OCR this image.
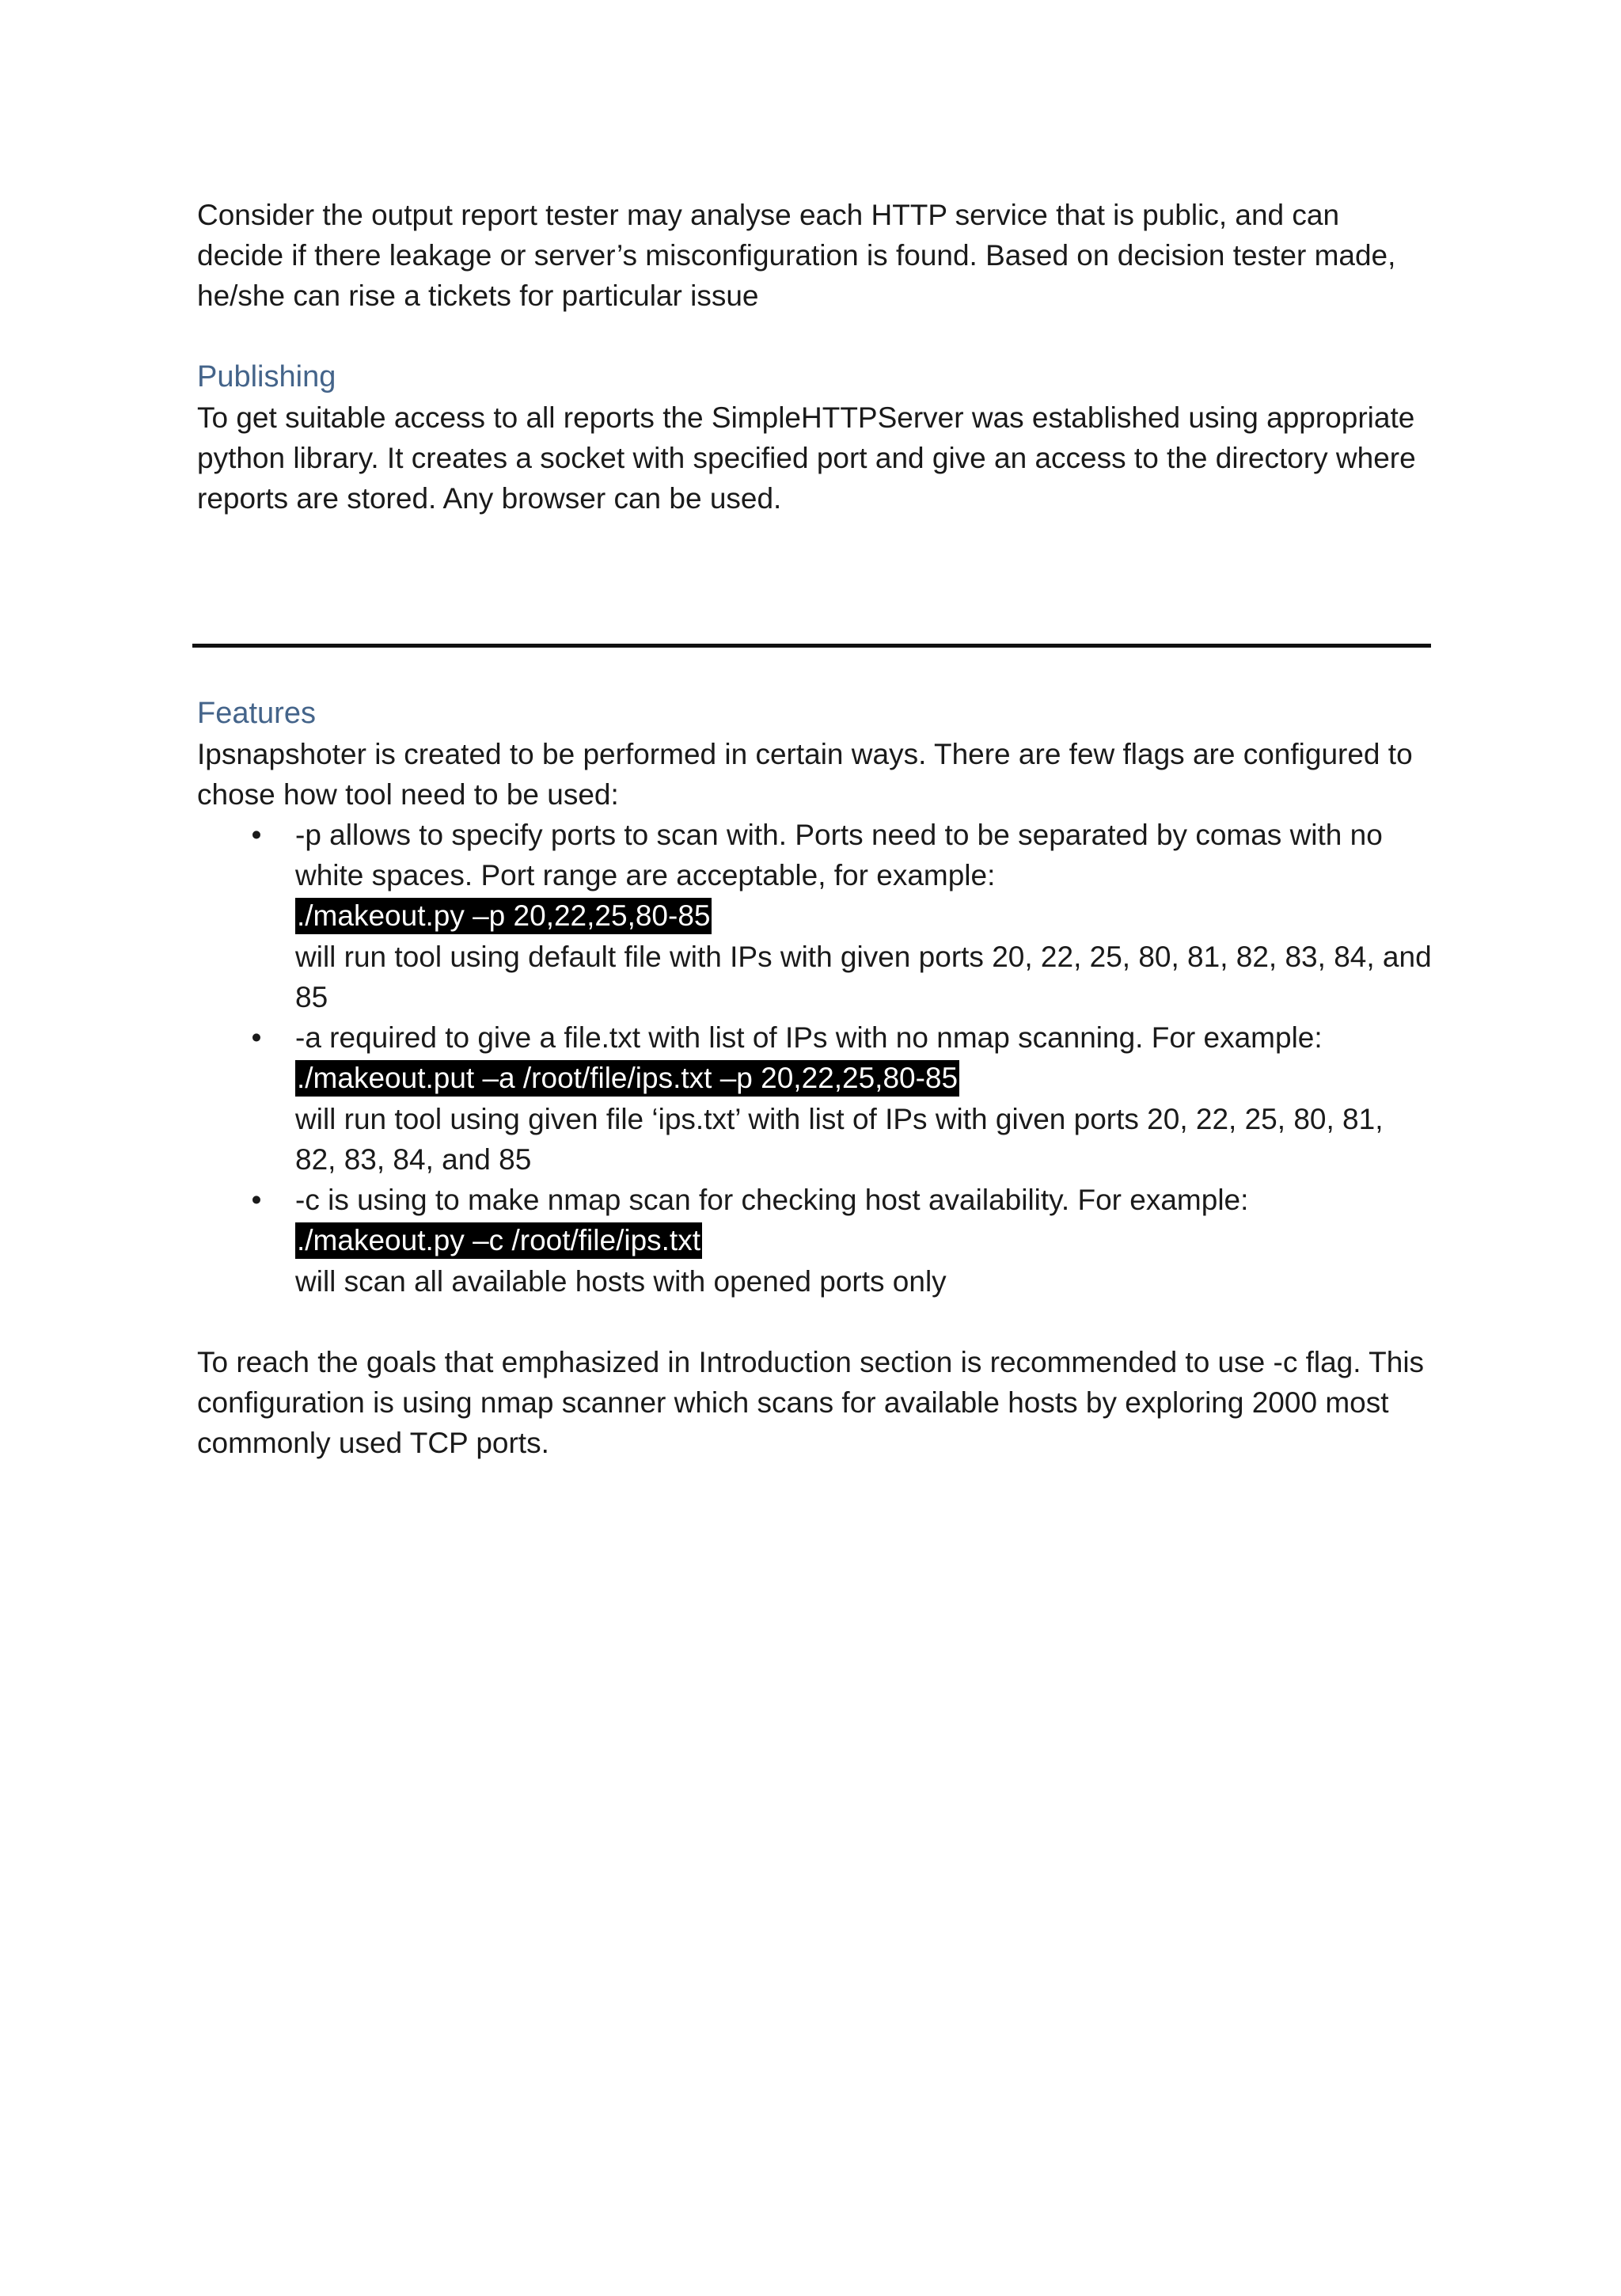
Consider the output report tester may analyse each HTTP service that is public, and can decide if there leakage or server’s misconfiguration is found. Based on decision tester made, he/she can rise a tickets for particular issue

Publishing

To get suitable access to all reports the SimpleHTTPServer was established using appropriate python library. It creates a socket with specified port and give an access to the directory where reports are stored. Any browser can be used.

Features

Ipsnapshoter is created to be performed in certain ways. There are few flags are configured to chose how tool need to be used:

• -p allows to specify ports to scan with. Ports need to be separated by comas with no white spaces. Port range are acceptable, for example:
./makeout.py –p 20,22,25,80-85
will run tool using default file with IPs with given ports 20, 22, 25, 80, 81, 82, 83, 84, and 85
• -a required to give a file.txt with list of IPs with no nmap scanning. For example:
./makeout.put –a /root/file/ips.txt –p 20,22,25,80-85
will run tool using given file ‘ips.txt’ with list of IPs with given ports 20, 22, 25, 80, 81, 82, 83, 84, and 85
• -c is using to make nmap scan for checking host availability. For example:
./makeout.py –c /root/file/ips.txt
will scan all available hosts with opened ports only

To reach the goals that emphasized in Introduction section is recommended to use -c flag. This configuration is using nmap scanner which scans for available hosts by exploring 2000 most commonly used TCP ports.
